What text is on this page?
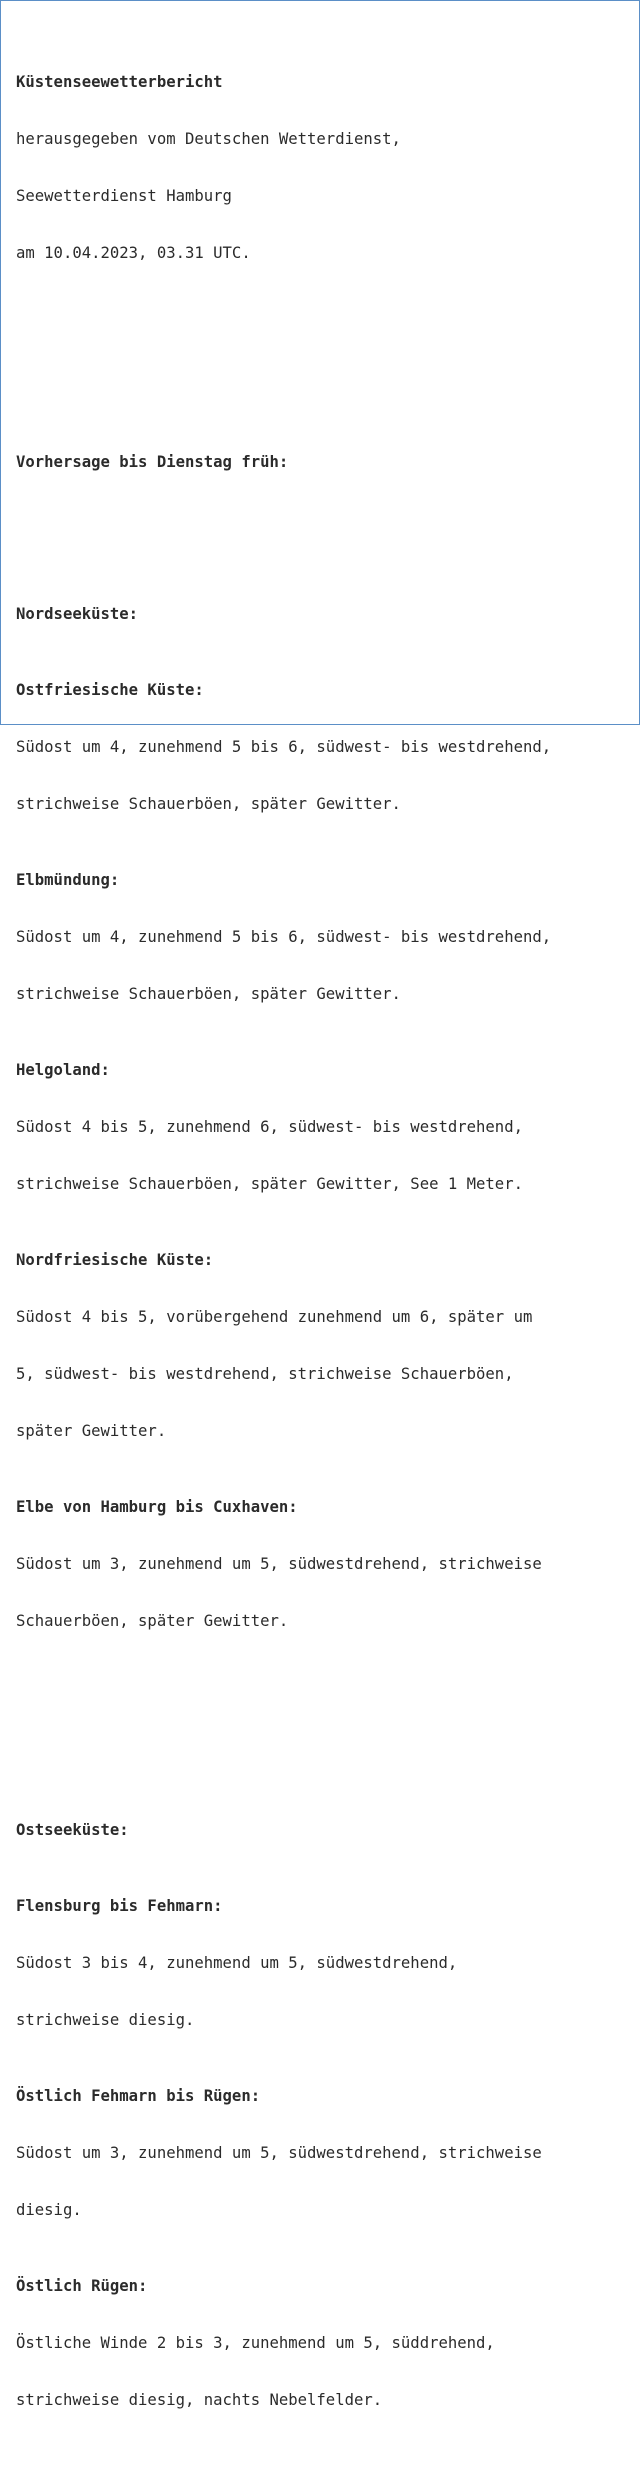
Küstenseewetterbericht

herausgegeben vom Deutschen Wetterdienst,

Seewetterdienst Hamburg

am 10.04.2023, 03.31 UTC.

Vorhersage bis Dienstag früh:

Nordseeküste:

Ostfriesische Küste:

Südost um 4, zunehmend 5 bis 6, südwest- bis westdrehend,

strichweise Schauerböen, später Gewitter.

Elbmündung:

Südost um 4, zunehmend 5 bis 6, südwest- bis westdrehend,

strichweise Schauerböen, später Gewitter.

Helgoland:

Südost 4 bis 5, zunehmend 6, südwest- bis westdrehend,

strichweise Schauerböen, später Gewitter, See 1 Meter.

Nordfriesische Küste:

Südost 4 bis 5, vorübergehend zunehmend um 6, später um

5, südwest- bis westdrehend, strichweise Schauerböen,

später Gewitter.

Elbe von Hamburg bis Cuxhaven:

Südost um 3, zunehmend um 5, südwestdrehend, strichweise

Schauerböen, später Gewitter.

Ostseeküste:

Flensburg bis Fehmarn:

Südost 3 bis 4, zunehmend um 5, südwestdrehend,

strichweise diesig.

Östlich Fehmarn bis Rügen:

Südost um 3, zunehmend um 5, südwestdrehend, strichweise

diesig.

Östlich Rügen:

Östliche Winde 2 bis 3, zunehmend um 5, süddrehend,

strichweise diesig, nachts Nebelfelder.
